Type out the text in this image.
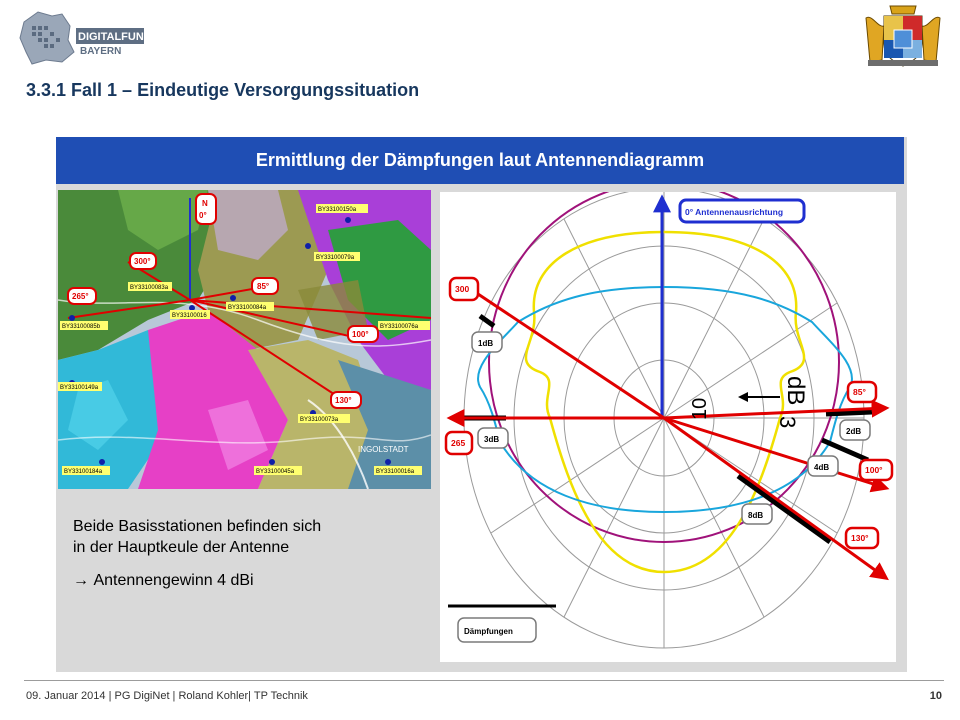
DIGITALFUNK
BAYERN
3.3.1 Fall 1 – Eindeutige Versorgungssituation
Ermittlung der Dämpfungen laut Antennendiagramm
BY33100150a
BY33100079a
BY33100083a
BY33100084a
BY33100016
BY33100085b	BY33100076a
BY33100149a
BY33100073a
BY33100184a	BY33100045a	BY33100016a
INGOLSTADT
N
0°
300°
265°
85°
100°
130°	dB
3
10
0° Antennenausrichtung
300
265
85°
100°
130°
1dB
3dB
2dB
4dB
8dB
Dämpfungen
Beide Basisstationen befinden sich
in der Hauptkeule der Antenne
→ Antennengewinn 4 dBi
09. Januar 2014 | PG DigiNet | Roland Kohler| TP Technik	10
